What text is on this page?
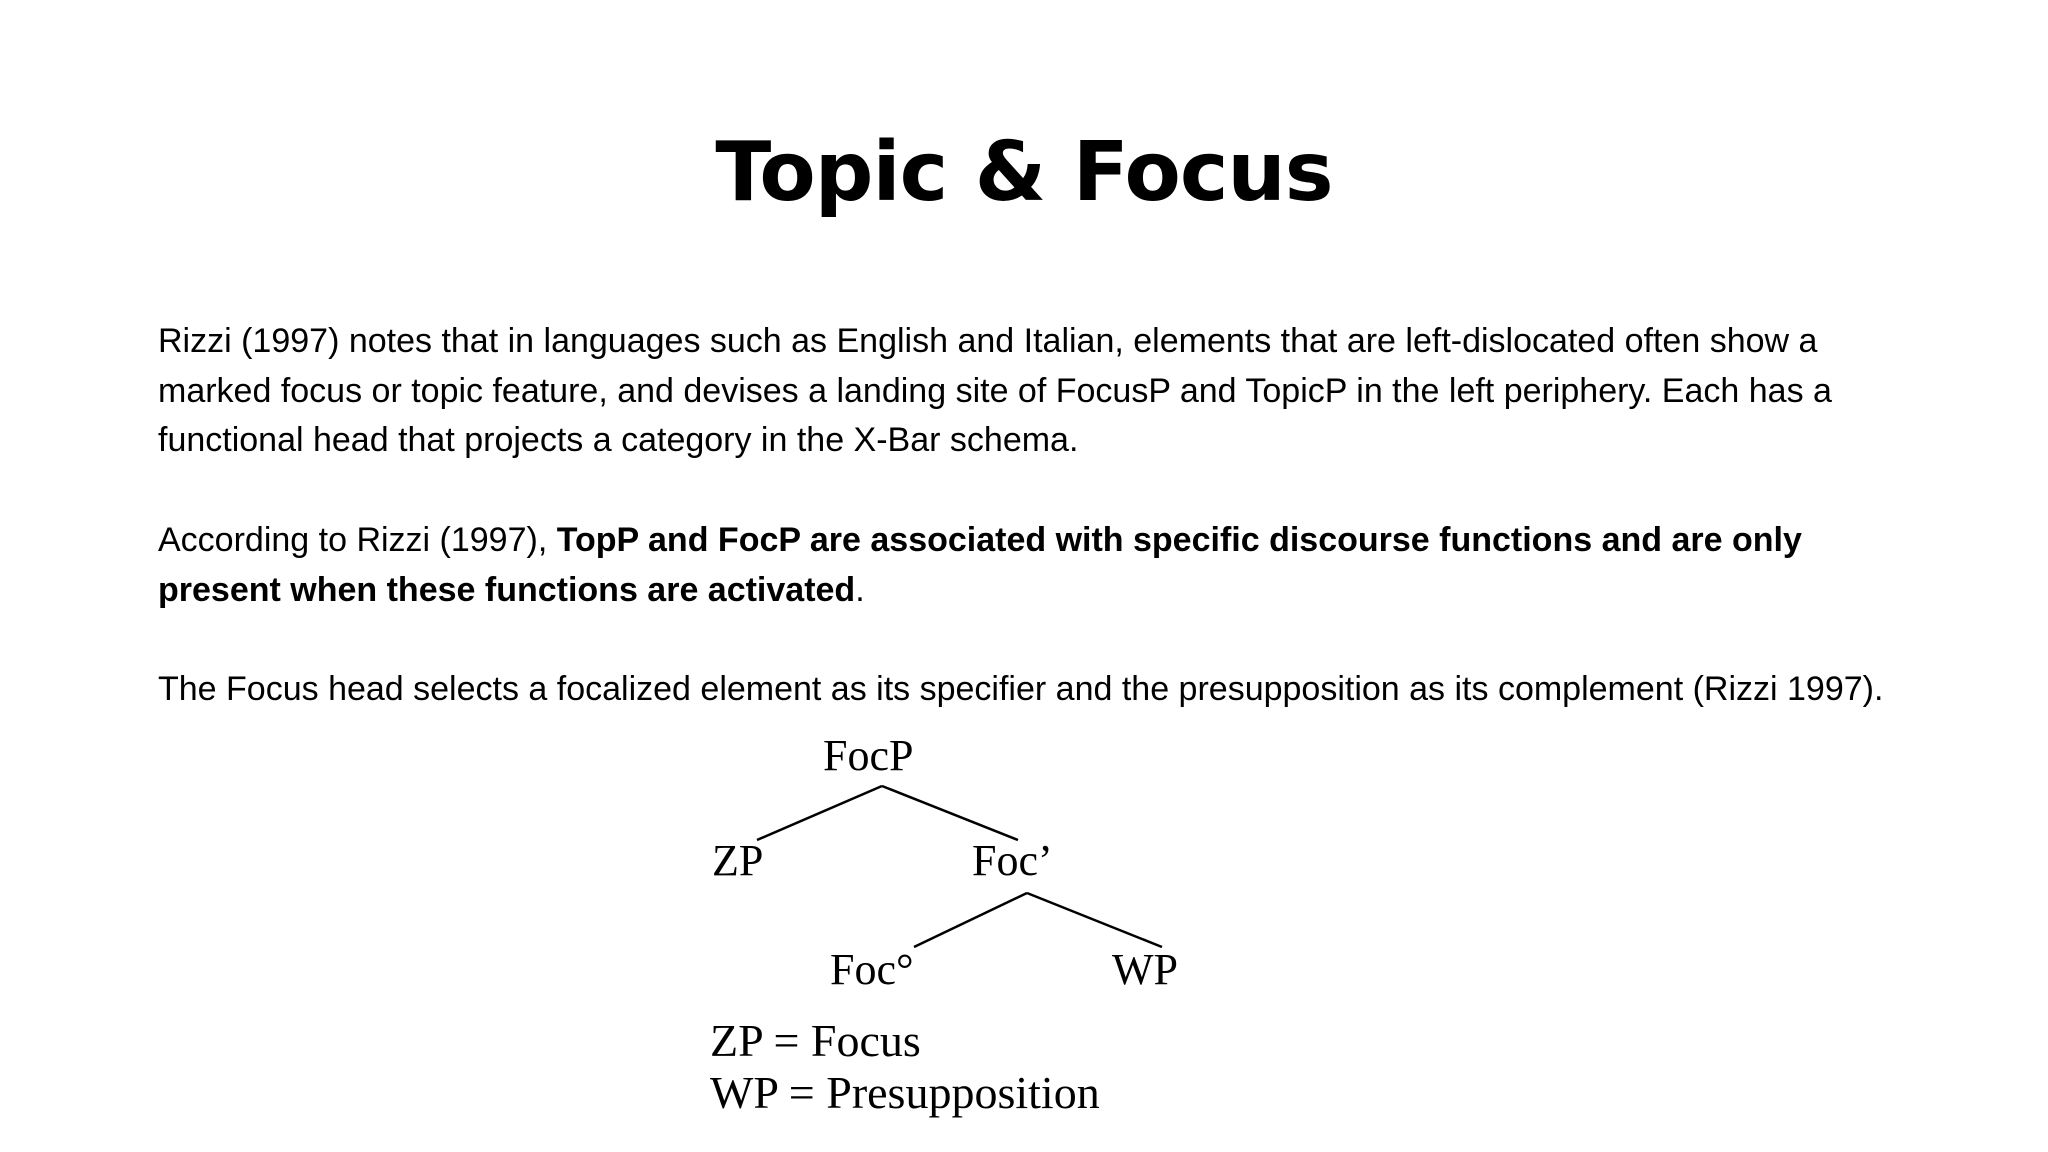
Topic & Focus

Rizzi (1997) notes that in languages such as English and Italian, elements that are left-dislocated often show a marked focus or topic feature, and devises a landing site of FocusP and TopicP in the left periphery. Each has a functional head that projects a category in the X-Bar schema.

According to Rizzi (1997), TopP and FocP are associated with specific discourse functions and are only present when these functions are activated.

The Focus head selects a focalized element as its specifier and the presupposition as its complement (Rizzi 1997).

FocP
ZP	Foc’
Foc°	WP
ZP = Focus
WP = Presupposition
